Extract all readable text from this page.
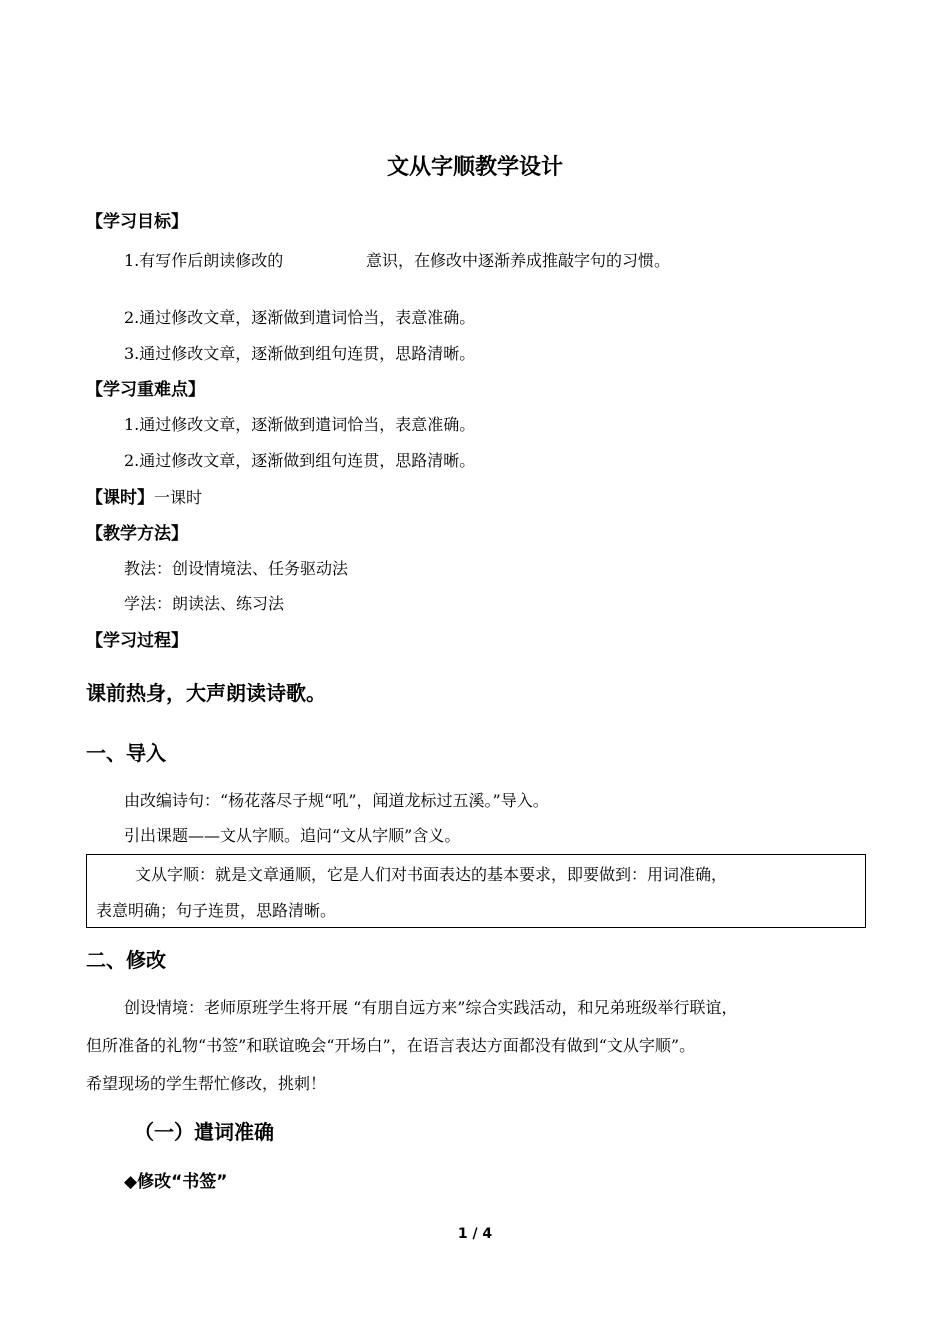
文从字顺教学设计
【学习目标】
1.有写作后朗读修改的	意识，在修改中逐渐养成推敲字句的习惯。
2.通过修改文章，逐渐做到遣词恰当，表意准确。
3.通过修改文章，逐渐做到组句连贯，思路清晰。
【学习重难点】
1.通过修改文章，逐渐做到遣词恰当，表意准确。
2.通过修改文章，逐渐做到组句连贯，思路清晰。
【课时】一课时
【教学方法】
教法：创设情境法、任务驱动法
学法：朗读法、练习法
【学习过程】
课前热身，大声朗读诗歌。
一、导入
由改编诗句：“杨花落尽子规“吼”，闻道龙标过五溪。”导入。
引出课题——文从字顺。追问“文从字顺”含义。
文从字顺：就是文章通顺，它是人们对书面表达的基本要求，即要做到：用词准确，
表意明确；句子连贯，思路清晰。
二、修改
创设情境：老师原班学生将开展 “有朋自远方来”综合实践活动，和兄弟班级举行联谊，
但所准备的礼物“书签”和联谊晚会“开场白”，在语言表达方面都没有做到“文从字顺”。
希望现场的学生帮忙修改，挑刺！
（一）遣词准确
◆修改“书签”
1 / 4
